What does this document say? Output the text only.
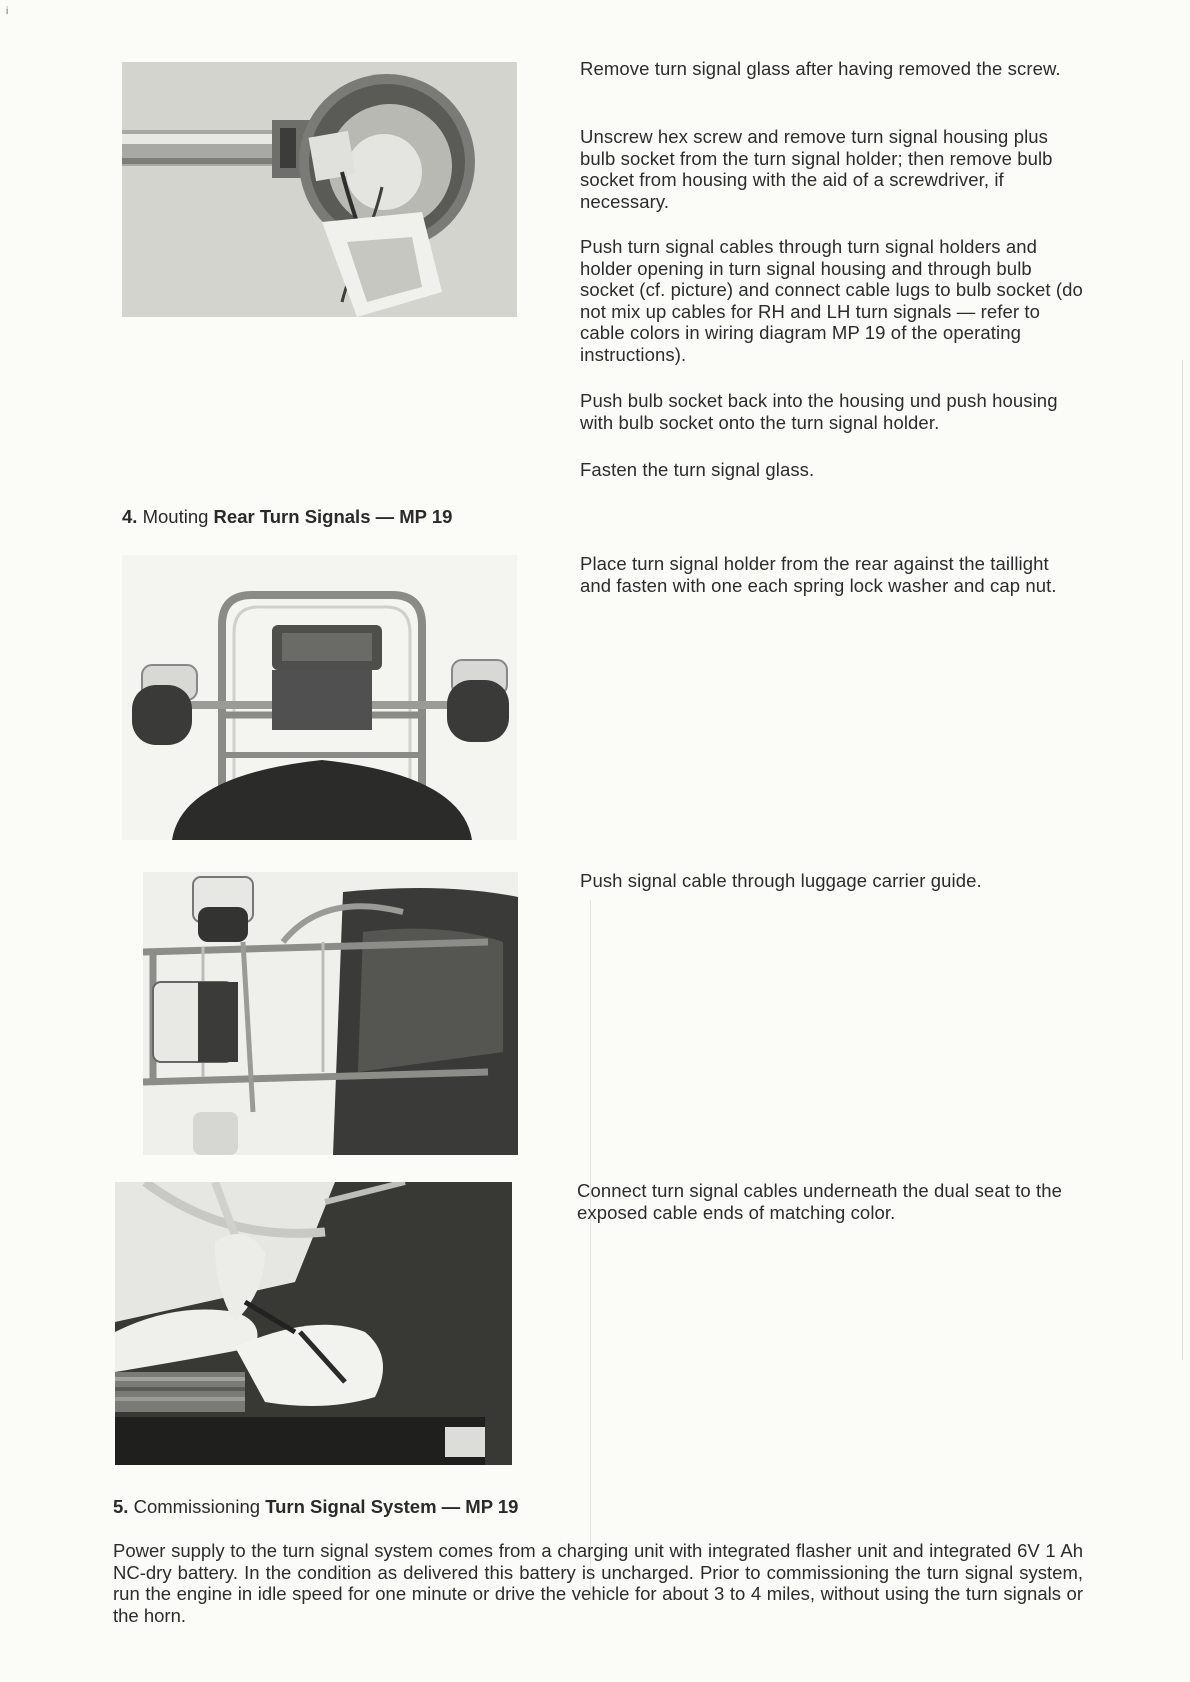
i
Remove turn signal glass after having removed the screw.
Unscrew hex screw and remove turn signal housing plus bulb socket from the turn signal holder; then remove bulb socket from housing with the aid of a screwdriver, if necessary.
Push turn signal cables through turn signal holders and holder opening in turn signal housing and through bulb socket (cf. picture) and connect cable lugs to bulb socket (do not mix up cables for RH and LH turn signals — refer to cable colors in wiring diagram MP 19 of the operating instructions).
Push bulb socket back into the housing und push housing with bulb socket onto the turn signal holder.
Fasten the turn signal glass.
4. Mouting Rear Turn Signals — MP 19
Place turn signal holder from the rear against the taillight and fasten with one each spring lock washer and cap nut.
Push signal cable through luggage carrier guide.
Connect turn signal cables underneath the dual seat to the exposed cable ends of matching color.
5. Commissioning Turn Signal System — MP 19

Power supply to the turn signal system comes from a charging unit with integrated flasher unit and integrated 6V 1 Ah NC-dry battery. In the condition as delivered this battery is uncharged. Prior to commissioning the turn signal system, run the engine in idle speed for one minute or drive the vehicle for about 3 to 4 miles, without using the turn signals or the horn.
